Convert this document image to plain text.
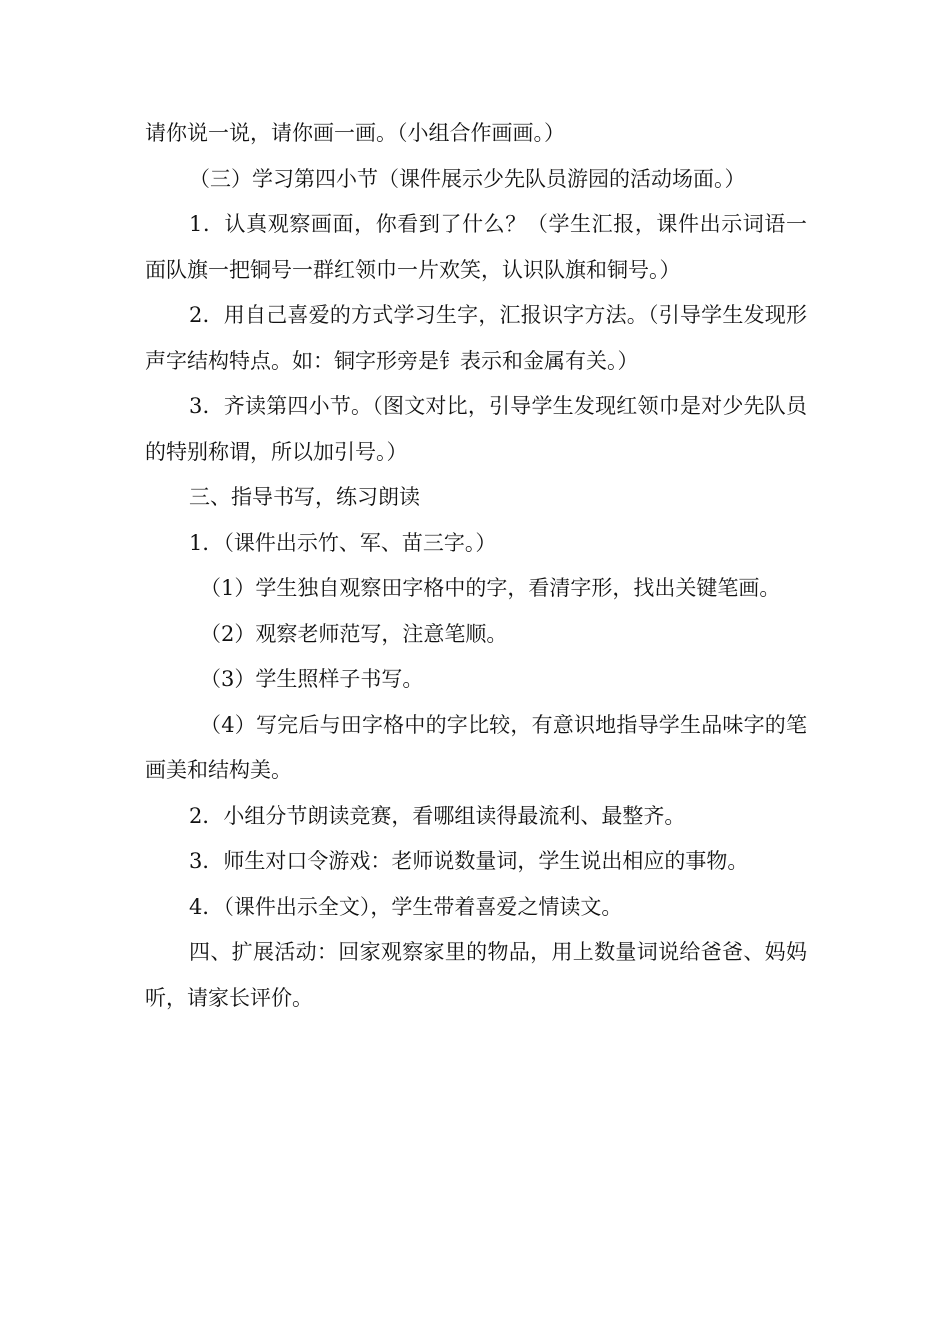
请你说一说，请你画一画。（小组合作画画。）

（三）学习第四小节（课件展示少先队员游园的活动场面。）

1．认真观察画面，你看到了什么？（学生汇报，课件出示词语一面队旗一把铜号一群红领巾一片欢笑，认识队旗和铜号。）

2．用自己喜爱的方式学习生字，汇报识字方法。（引导学生发现形声字结构特点。如：铜字形旁是钅表示和金属有关。）

3．齐读第四小节。（图文对比，引导学生发现红领巾是对少先队员的特别称谓，所以加引号。）

三、指导书写，练习朗读

1．（课件出示竹、军、苗三字。）

（1）学生独自观察田字格中的字，看清字形，找出关键笔画。

（2）观察老师范写，注意笔顺。

（3）学生照样子书写。

（4）写完后与田字格中的字比较，有意识地指导学生品味字的笔画美和结构美。

2．小组分节朗读竞赛，看哪组读得最流利、最整齐。

3．师生对口令游戏：老师说数量词，学生说出相应的事物。

4．（课件出示全文），学生带着喜爱之情读文。

四、扩展活动：回家观察家里的物品，用上数量词说给爸爸、妈妈听，请家长评价。
